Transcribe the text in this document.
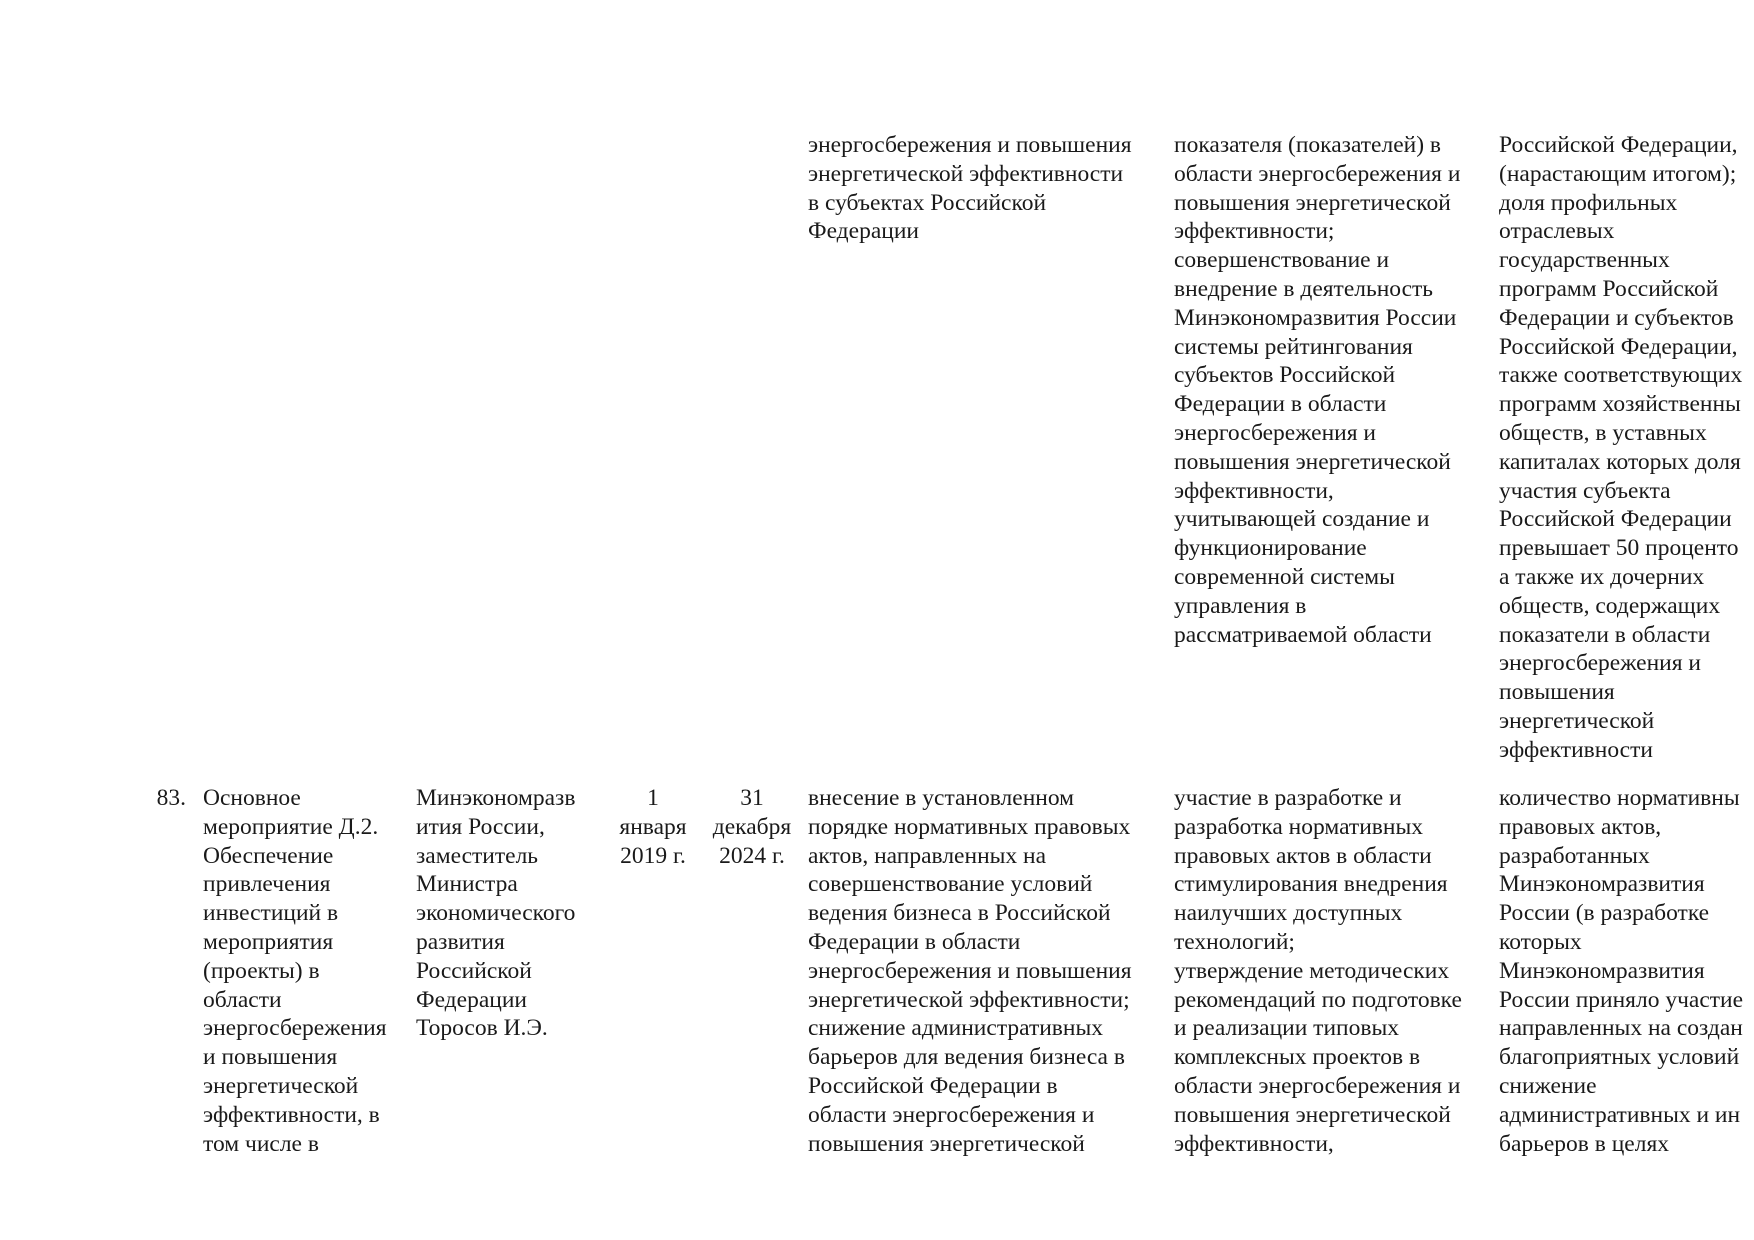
энергосбережения и повышения
энергетической эффективности
в субъектах Российской
Федерации

показателя (показателей) в
области энергосбережения и
повышения энергетической
эффективности;
совершенствование и
внедрение в деятельность
Минэкономразвития России
системы рейтингования
субъектов Российской
Федерации в области
энергосбережения и
повышения энергетической
эффективности,
учитывающей создание и
функционирование
современной системы
управления в
рассматриваемой области

Российской Федерации,
(нарастающим итогом);
доля профильных
отраслевых
государственных
программ Российской
Федерации и субъектов
Российской Федерации,
также соответствующих
программ хозяйственны
обществ, в уставных
капиталах которых доля
участия субъекта
Российской Федерации
превышает 50 проценто
а также их дочерних
обществ, содержащих
показатели в области
энергосбережения и
повышения
энергетической
эффективности

83. Основное
мероприятие Д.2.
Обеспечение
привлечения
инвестиций в
мероприятия
(проекты) в
области
энергосбережения
и повышения
энергетической
эффективности, в
том числе в

Минэкономразв
ития России,
заместитель
Министра
экономического
развития
Российской
Федерации
Торосов И.Э.

1
января
2019 г.

31
декабря
2024 г.

внесение в установленном
порядке нормативных правовых
актов, направленных на
совершенствование условий
ведения бизнеса в Российской
Федерации в области
энергосбережения и повышения
энергетической эффективности;
снижение административных
барьеров для ведения бизнеса в
Российской Федерации в
области энергосбережения и
повышения энергетической

участие в разработке и
разработка нормативных
правовых актов в области
стимулирования внедрения
наилучших доступных
технологий;
утверждение методических
рекомендаций по подготовке
и реализации типовых
комплексных проектов в
области энергосбережения и
повышения энергетической
эффективности,

количество нормативны
правовых актов,
разработанных
Минэкономразвития
России (в разработке
которых
Минэкономразвития
России приняло участие
направленных на создан
благоприятных условий
снижение
административных и ин
барьеров в целях
